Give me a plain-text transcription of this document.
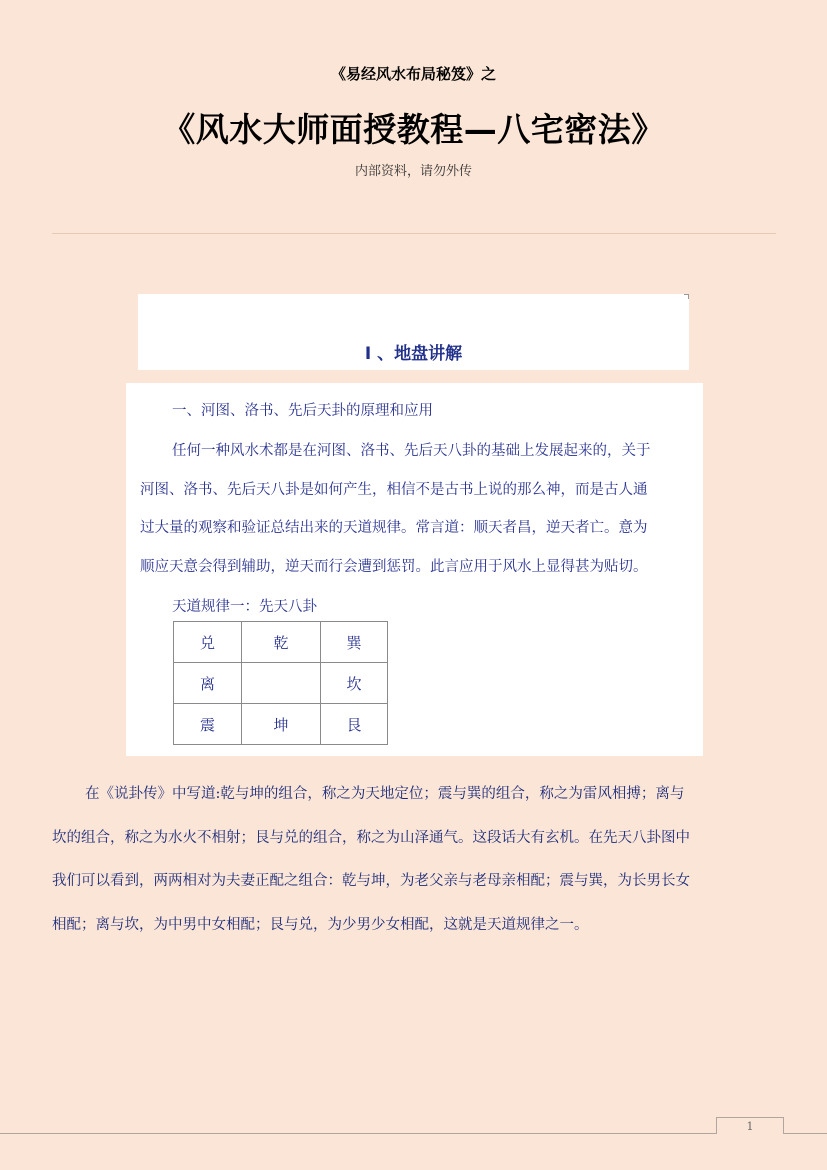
《易经风水布局秘笈》之
《风水大师面授教程—八宅密法》
内部资料，请勿外传
I 、地盘讲解
一、河图、洛书、先后天卦的原理和应用
任何一种风水术都是在河图、洛书、先后天八卦的基础上发展起来的，关于
河图、洛书、先后天八卦是如何产生，相信不是古书上说的那么神，而是古人通
过大量的观察和验证总结出来的天道规律。常言道：顺天者昌，逆天者亡。意为
顺应天意会得到辅助，逆天而行会遭到惩罚。此言应用于风水上显得甚为贴切。
天道规律一：先天八卦
兑	乾	巽
离		坎
震	坤	艮
在《说卦传》中写道:乾与坤的组合，称之为天地定位；震与巽的组合，称之为雷风相搏；离与
坎的组合，称之为水火不相射；艮与兑的组合，称之为山泽通气。这段话大有玄机。在先天八卦图中
我们可以看到，两两相对为夫妻正配之组合：乾与坤，为老父亲与老母亲相配；震与巽，为长男长女
相配；离与坎，为中男中女相配；艮与兑，为少男少女相配，这就是天道规律之一。
1
